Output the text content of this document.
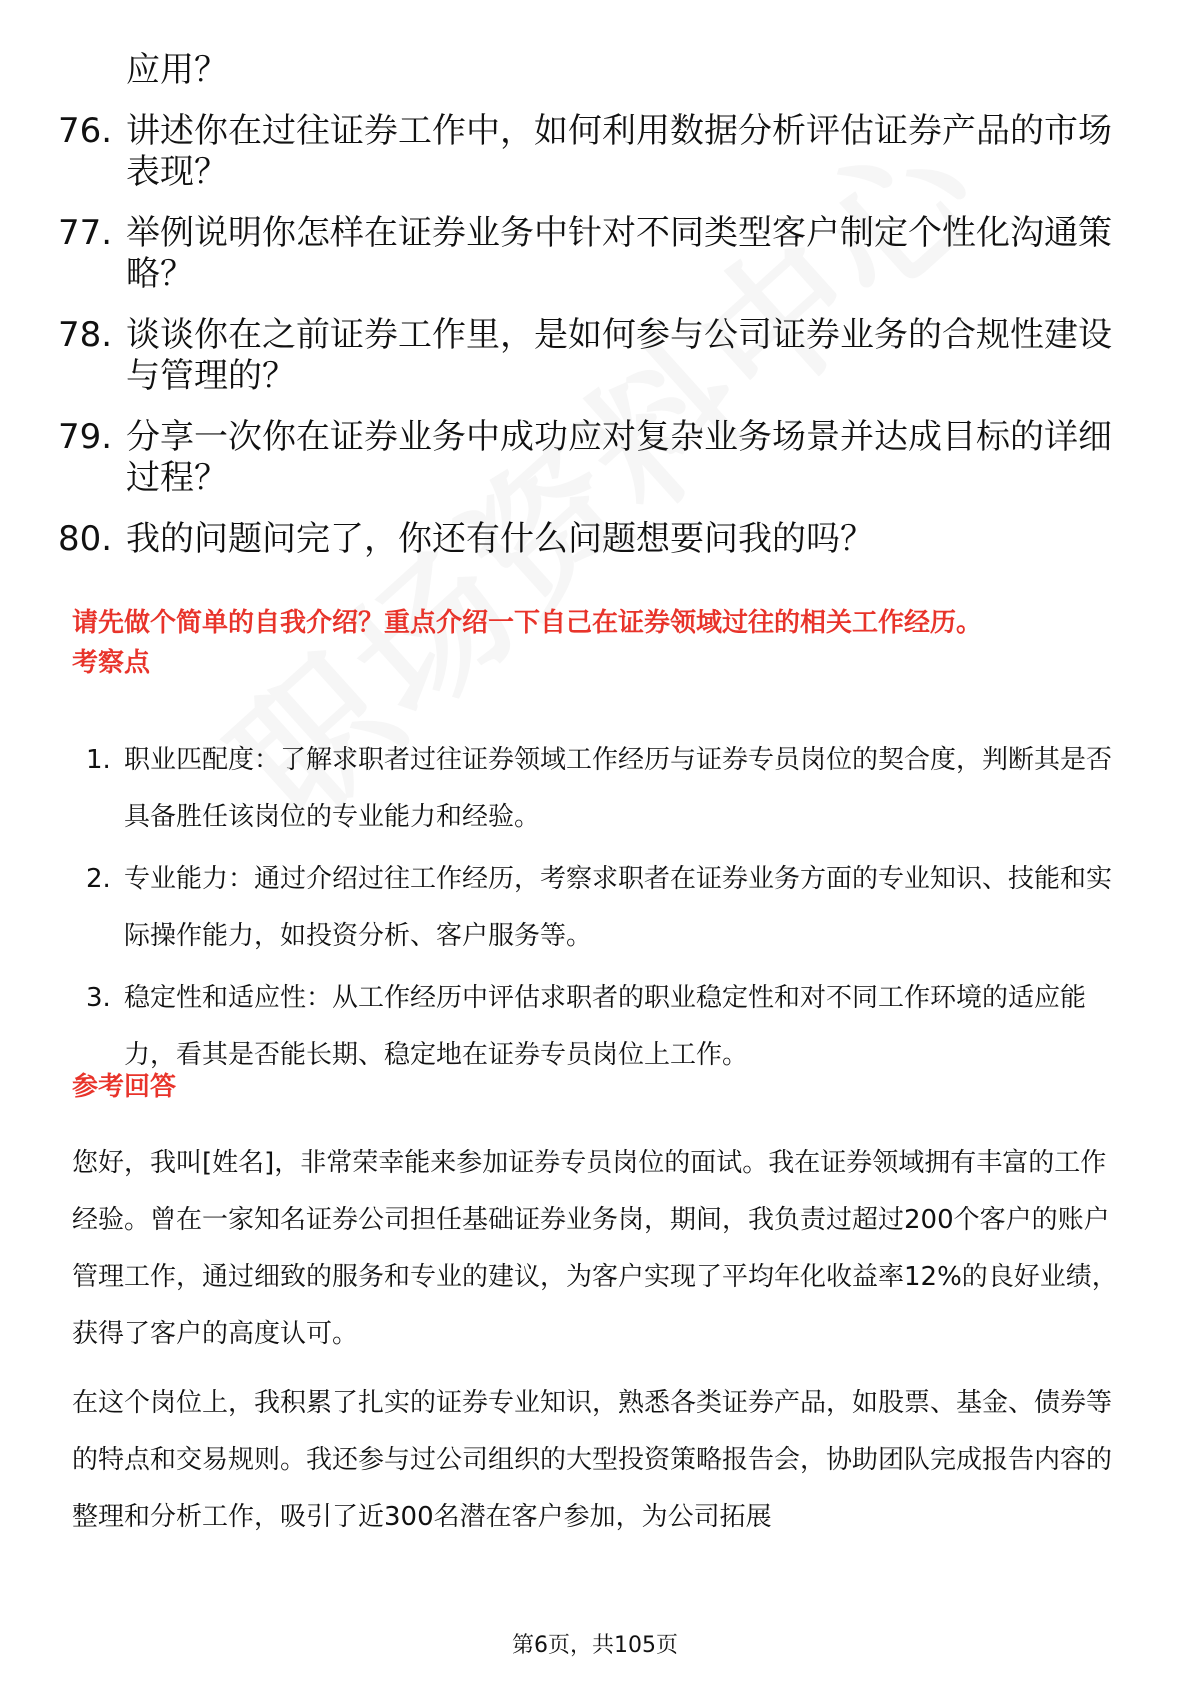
应用？
76. 讲述你在过往证券工作中，如何利用数据分析评估证券产品的市场表现？
77. 举例说明你怎样在证券业务中针对不同类型客户制定个性化沟通策略？
78. 谈谈你在之前证券工作里，是如何参与公司证券业务的合规性建设与管理的？
79. 分享一次你在证券业务中成功应对复杂业务场景并达成目标的详细过程？
80. 我的问题问完了，你还有什么问题想要问我的吗？
请先做个简单的自我介绍？重点介绍一下自己在证券领域过往的相关工作经历。
考察点
1. 职业匹配度：了解求职者过往证券领域工作经历与证券专员岗位的契合度，判断其是否具备胜任该岗位的专业能力和经验。
2. 专业能力：通过介绍过往工作经历，考察求职者在证券业务方面的专业知识、技能和实际操作能力，如投资分析、客户服务等。
3. 稳定性和适应性：从工作经历中评估求职者的职业稳定性和对不同工作环境的适应能力，看其是否能长期、稳定地在证券专员岗位上工作。
参考回答
您好，我叫[姓名]，非常荣幸能来参加证券专员岗位的面试。我在证券领域拥有丰富的工作经验。曾在一家知名证券公司担任基础证券业务岗，期间，我负责过超过200个客户的账户管理工作，通过细致的服务和专业的建议，为客户实现了平均年化收益率12%的良好业绩，获得了客户的高度认可。
在这个岗位上，我积累了扎实的证券专业知识，熟悉各类证券产品，如股票、基金、债券等的特点和交易规则。我还参与过公司组织的大型投资策略报告会，协助团队完成报告内容的整理和分析工作，吸引了近300名潜在客户参加，为公司拓展
第6页，共105页
